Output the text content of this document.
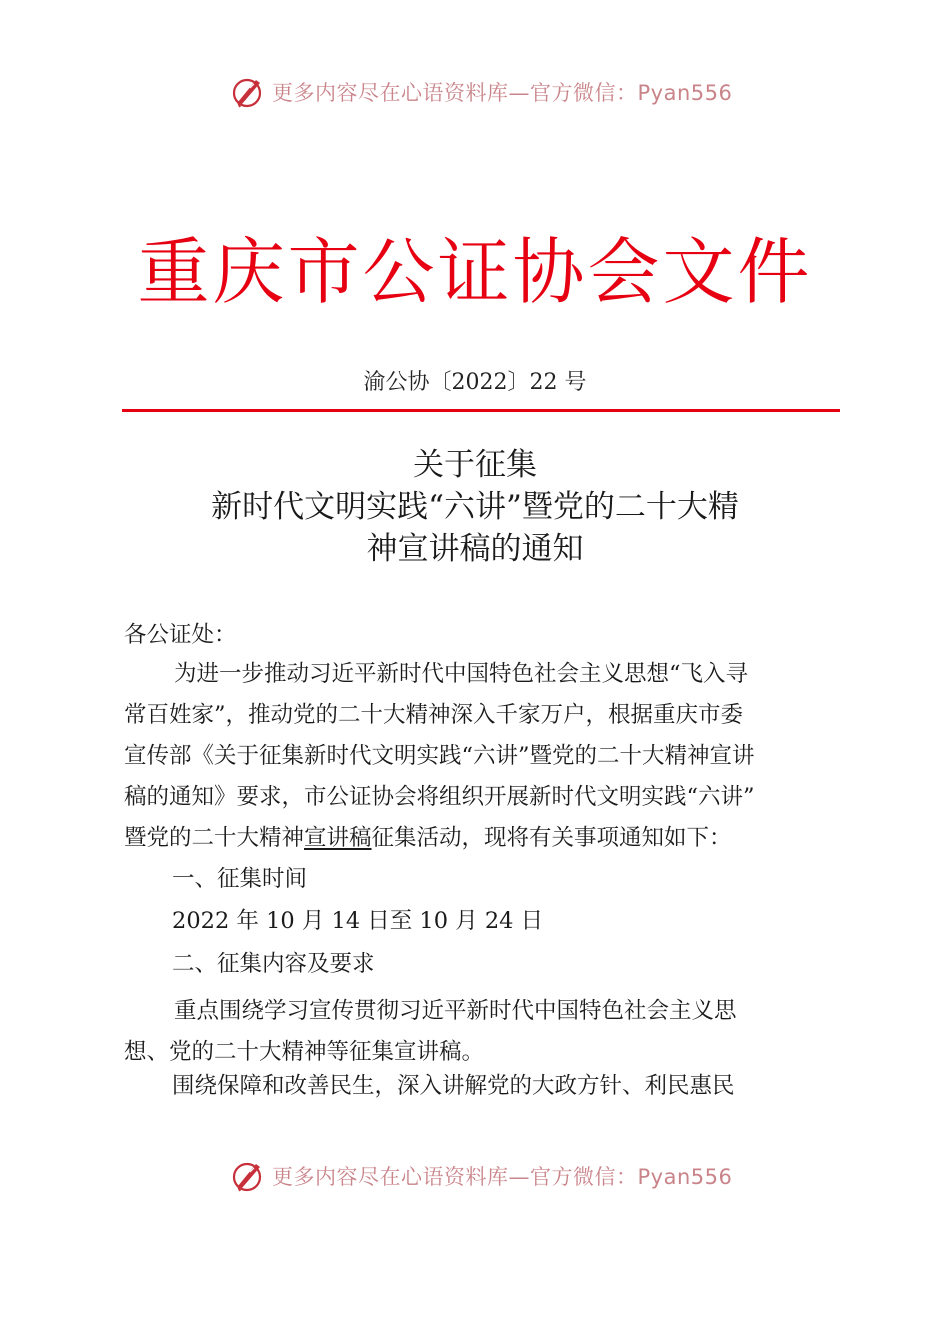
更多内容尽在心语资料库—官方微信：Pyan556
重庆市公证协会文件
渝公协〔2022〕22 号
关于征集
新时代文明实践“六讲”暨党的二十大精
神宣讲稿的通知
各公证处：
为进一步推动习近平新时代中国特色社会主义思想“飞入寻
常百姓家”，推动党的二十大精神深入千家万户，根据重庆市委
宣传部《关于征集新时代文明实践“六讲”暨党的二十大精神宣讲
稿的通知》要求，市公证协会将组织开展新时代文明实践“六讲”
暨党的二十大精神宣讲稿征集活动，现将有关事项通知如下：
一、征集时间
2022 年 10 月 14 日至 10 月 24 日
二、征集内容及要求
重点围绕学习宣传贯彻习近平新时代中国特色社会主义思
想、党的二十大精神等征集宣讲稿。
围绕保障和改善民生，深入讲解党的大政方针、利民惠民
更多内容尽在心语资料库—官方微信：Pyan556
